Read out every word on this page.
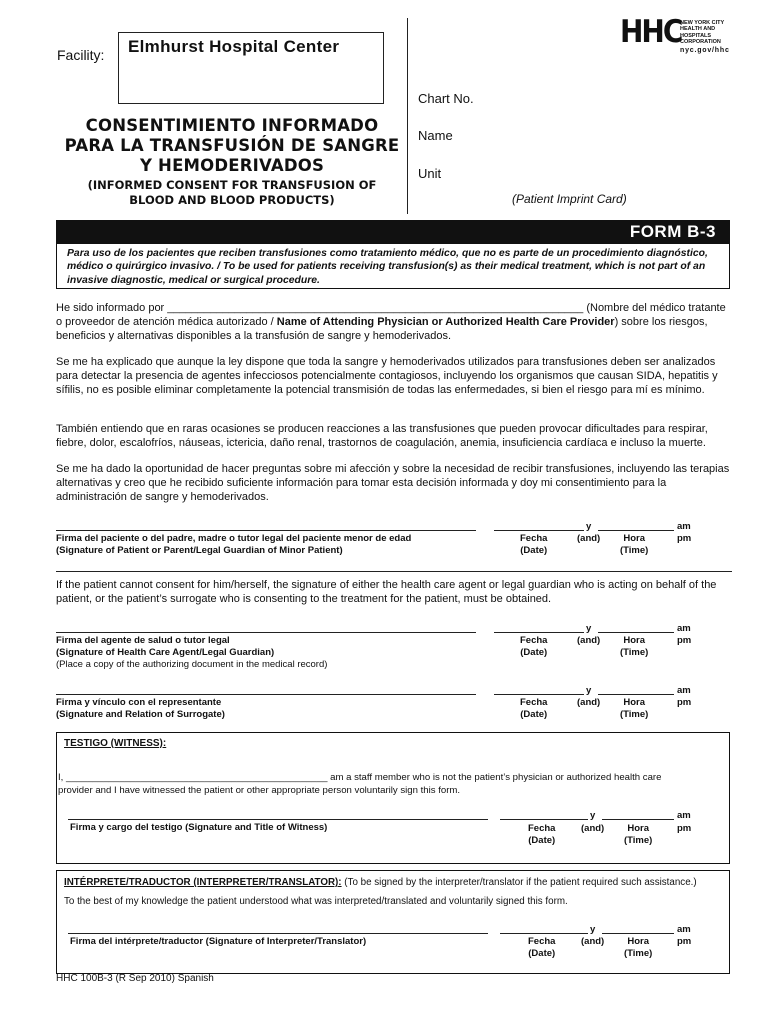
Facility: Elmhurst Hospital Center
CONSENTIMIENTO INFORMADO
PARA LA TRANSFUSIÓN DE SANGRE
Y HEMODERIVADOS
(INFORMED CONSENT FOR TRANSFUSION OF
BLOOD AND BLOOD PRODUCTS)
Chart No.
Name
Unit
(Patient Imprint Card)
HHC
NEW YORK CITY
HEALTH AND
HOSPITALS
CORPORATION
nyc.gov/hhc
FORM B-3
Para uso de los pacientes que reciben transfusiones como tratamiento médico, que no es parte de un procedimiento diagnóstico, médico o quirúrgico invasivo. / To be used for patients receiving transfusion(s) as their medical treatment, which is not part of an invasive diagnostic, medical or surgical procedure.
He sido informado por ____________________________________________________________________ (Nombre del médico tratante o proveedor de atención médica autorizado / Name of Attending Physician or Authorized Health Care Provider) sobre los riesgos, beneficios y alternativas disponibles a la transfusión de sangre y hemoderivados.
Se me ha explicado que aunque la ley dispone que toda la sangre y hemoderivados utilizados para transfusiones deben ser analizados para detectar la presencia de agentes infecciosos potencialmente contagiosos, incluyendo los organismos que causan SIDA, hepatitis y sífilis, no es posible eliminar completamente la potencial transmisión de todas las enfermedades, si bien el riesgo para mí es mínimo.
También entiendo que en raras ocasiones se producen reacciones a las transfusiones que pueden provocar dificultades para respirar, fiebre, dolor, escalofríos, náuseas, ictericia, daño renal, trastornos de coagulación, anemia, insuficiencia cardíaca e incluso la muerte.
Se me ha dado la oportunidad de hacer preguntas sobre mi afección y sobre la necesidad de recibir transfusiones, incluyendo las terapias alternativas y creo que he recibido suficiente información para tomar esta decisión informada y doy mi consentimiento para la administración de sangre y hemoderivados.
Firma del paciente o del padre, madre o tutor legal del paciente menor de edad
(Signature of Patient or Parent/Legal Guardian of Minor Patient)
y	am
Fecha
(Date)
(and)	Hora
(Time)
pm
If the patient cannot consent for him/herself, the signature of either the health care agent or legal guardian who is acting on behalf of the patient, or the patient’s surrogate who is consenting to the treatment for the patient, must be obtained.
Firma del agente de salud o tutor legal
(Signature of Health Care Agent/Legal Guardian)
(Place a copy of the authorizing document in the medical record)
y	am
Fecha
(Date)
(and)	Hora
(Time)
pm
Firma y vínculo con el representante
(Signature and Relation of Surrogate)
y	am
Fecha
(Date)
(and)	Hora
(Time)
pm
TESTIGO (WITNESS):
I, _________________________________________________ am a staff member who is not the patient’s physician or authorized health care
provider and I have witnessed the patient or other appropriate person voluntarily sign this form.
Firma y cargo del testigo (Signature and Title of Witness)
y	am
Fecha
(Date)
(and)	Hora
(Time)
pm
INTÉRPRETE/TRADUCTOR (INTERPRETER/TRANSLATOR): (To be signed by the interpreter/translator if the patient required such assistance.)
To the best of my knowledge the patient understood what was interpreted/translated and voluntarily signed this form.
Firma del intérprete/traductor (Signature of Interpreter/Translator)
y	am
Fecha
(Date)
(and)	Hora
(Time)
pm
HHC 100B-3 (R Sep 2010) Spanish
